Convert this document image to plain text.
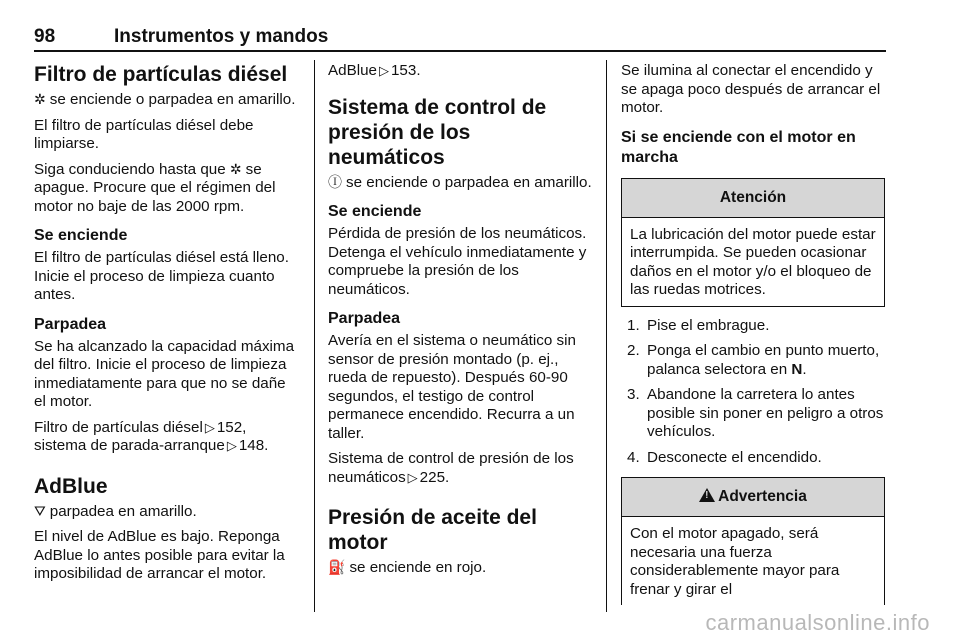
98	Instrumentos y mandos
Filtro de partículas diésel

✲ se enciende o parpadea en amarillo.

El filtro de partículas diésel debe limpiarse.

Siga conduciendo hasta que ✲ se apague. Procure que el régimen del motor no baje de las 2000 rpm.

Se enciende

El filtro de partículas diésel está lleno. Inicie el proceso de limpieza cuanto antes.

Parpadea

Se ha alcanzado la capacidad máxima del filtro. Inicie el proceso de limpieza inmediatamente para que no se dañe el motor.

Filtro de partículas diésel ▷ 152, sistema de parada-arranque ▷ 148.

AdBlue

⛛ parpadea en amarillo.

El nivel de AdBlue es bajo. Reponga AdBlue lo antes posible para evitar la imposibilidad de arrancar el motor.

AdBlue ▷ 153.

Sistema de control de presión de los neumáticos

Ⓘ se enciende o parpadea en amarillo.

Se enciende

Pérdida de presión de los neumáticos. Detenga el vehículo inmediatamente y compruebe la presión de los neumáticos.

Parpadea

Avería en el sistema o neumático sin sensor de presión montado (p. ej., rueda de repuesto). Después 60-90 segundos, el testigo de control permanece encendido. Recurra a un taller.

Sistema de control de presión de los neumáticos ▷ 225.

Presión de aceite del motor

⛽ se enciende en rojo.

Se ilumina al conectar el encendido y se apaga poco después de arrancar el motor.

Si se enciende con el motor en marcha
Atención
La lubricación del motor puede estar interrumpida. Se pueden ocasionar daños en el motor y/o el bloqueo de las ruedas motrices.
1. Pise el embrague.
2. Ponga el cambio en punto muerto, palanca selectora en N.
3. Abandone la carretera lo antes posible sin poner en peligro a otros vehículos.
4. Desconecte el encendido.
!Advertencia
Con el motor apagado, será necesaria una fuerza considerablemente mayor para frenar y girar el
carmanualsonline.info
